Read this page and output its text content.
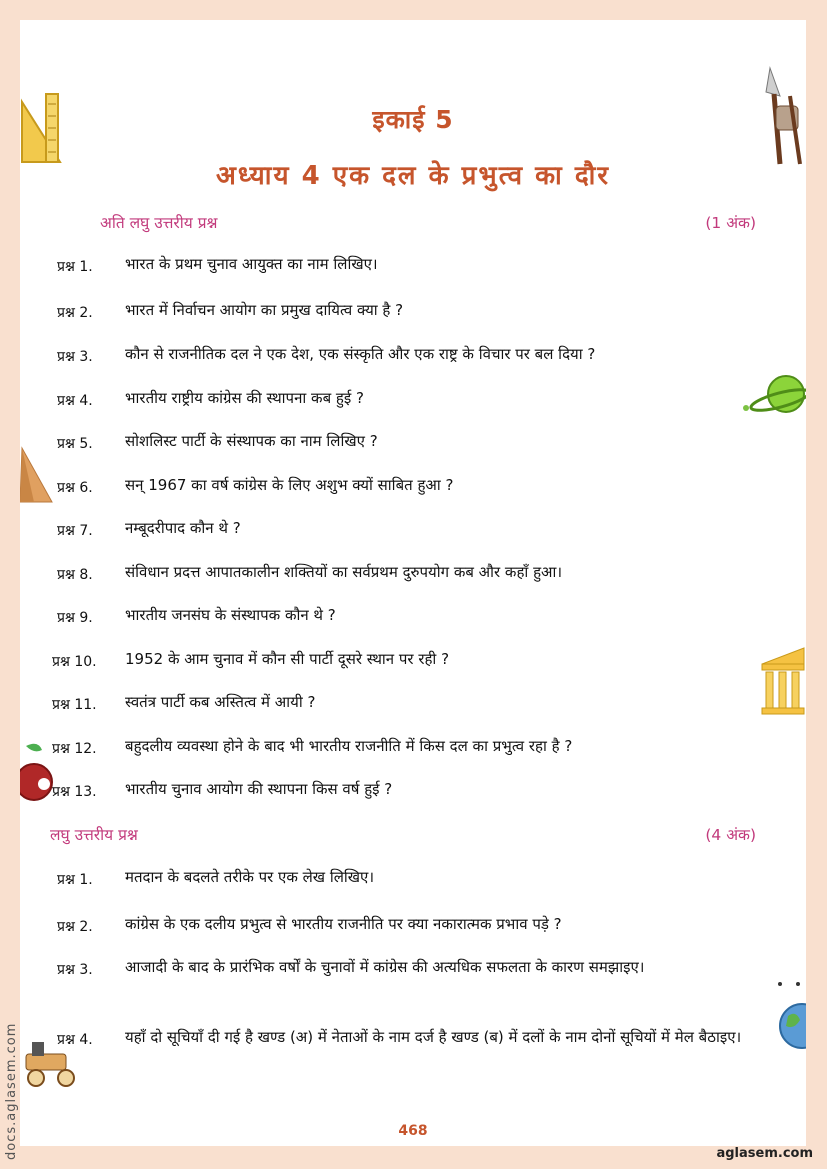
इकाई 5
अध्याय 4 एक दल के प्रभुत्व का दौर
अति लघु उत्तरीय प्रश्न	(1 अंक)
प्रश्न 1. भारत के प्रथम चुनाव आयुक्त का नाम लिखिए।
प्रश्न 2. भारत में निर्वाचन आयोग का प्रमुख दायित्व क्या है ?
प्रश्न 3. कौन से राजनीतिक दल ने एक देश, एक संस्कृति और एक राष्ट्र के विचार पर बल दिया ?
प्रश्न 4. भारतीय राष्ट्रीय कांग्रेस की स्थापना कब हुई ?
प्रश्न 5. सोशलिस्ट पार्टी के संस्थापक का नाम लिखिए ?
प्रश्न 6. सन् 1967 का वर्ष कांग्रेस के लिए अशुभ क्यों साबित हुआ ?
प्रश्न 7. नम्बूदरीपाद कौन थे ?
प्रश्न 8. संविधान प्रदत्त आपातकालीन शक्तियों का सर्वप्रथम दुरुपयोग कब और कहाँ हुआ।
प्रश्न 9. भारतीय जनसंघ के संस्थापक कौन थे ?
प्रश्न 10. 1952 के आम चुनाव में कौन सी पार्टी दूसरे स्थान पर रही ?
प्रश्न 11. स्वतंत्र पार्टी कब अस्तित्व में आयी ?
प्रश्न 12. बहुदलीय व्यवस्था होने के बाद भी भारतीय राजनीति में किस दल का प्रभुत्व रहा है ?
प्रश्न 13. भारतीय चुनाव आयोग की स्थापना किस वर्ष हुई ?
लघु उत्तरीय प्रश्न	(4 अंक)
प्रश्न 1. मतदान के बदलते तरीके पर एक लेख लिखिए।
प्रश्न 2. कांग्रेस के एक दलीय प्रभुत्व से भारतीय राजनीति पर क्या नकारात्मक प्रभाव पड़े ?
प्रश्न 3. आजादी के बाद के प्रारंभिक वर्षों के चुनावों में कांग्रेस की अत्यधिक सफलता के कारण समझाइए।
प्रश्न 4. यहाँ दो सूचियाँ दी गई है खण्ड (अ) में नेताओं के नाम दर्ज है खण्ड (ब) में दलों के नाम दोनों सूचियों में मेल बैठाइए।
468
aglasem.com
docs.aglasem.com
